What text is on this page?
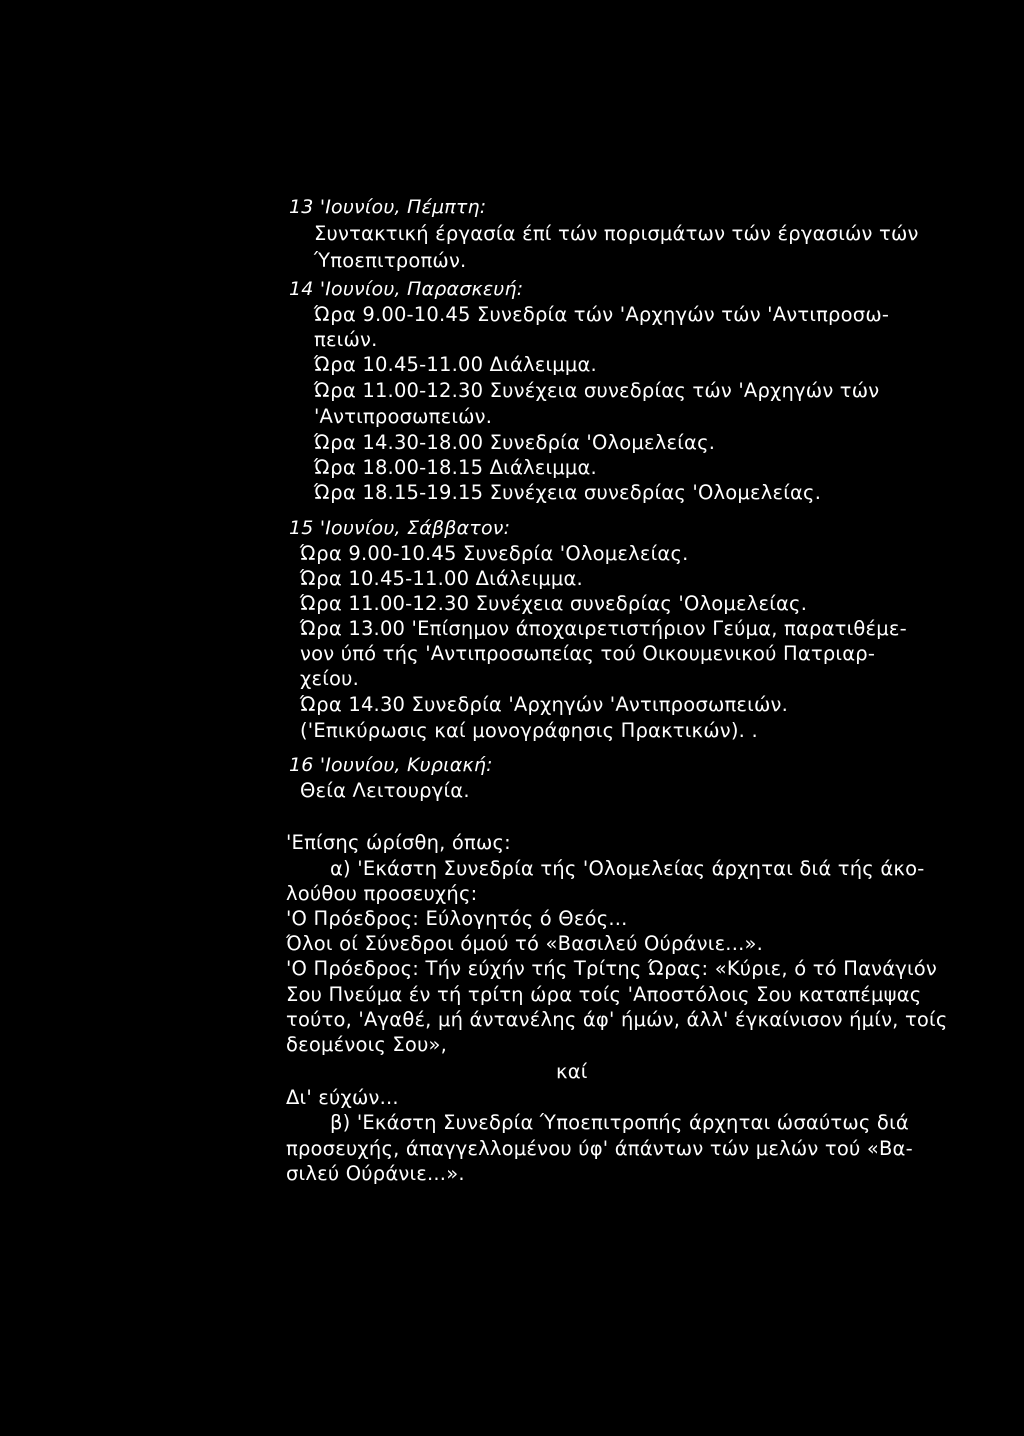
13 'Ιουνίου, Πέμπτη:
Συντακτική έργασία έπί τών πορισμάτων τών έργασιών τών
Ύποεπιτροπών.
14 'Ιουνίου, Παρασκευή:
Ώρα 9.00-10.45 Συνεδρία τών 'Αρχηγών τών 'Αντιπροσω-
πειών.
Ώρα 10.45-11.00 Διάλειμμα.
Ώρα 11.00-12.30 Συνέχεια συνεδρίας τών 'Αρχηγών τών
'Αντιπροσωπειών.
Ώρα 14.30-18.00 Συνεδρία 'Ολομελείας.
Ώρα 18.00-18.15 Διάλειμμα.
Ώρα 18.15-19.15 Συνέχεια συνεδρίας 'Ολομελείας.
15 'Ιουνίου, Σάββατον:
Ώρα 9.00-10.45 Συνεδρία 'Ολομελείας.
Ώρα 10.45-11.00 Διάλειμμα.
Ώρα 11.00-12.30 Συνέχεια συνεδρίας 'Ολομελείας.
Ώρα 13.00 'Επίσημον άποχαιρετιστήριον Γεύμα, παρατιθέμε-
νον ύπό τής 'Αντιπροσωπείας τού Οικουμενικού Πατριαρ-
χείου.
Ώρα 14.30 Συνεδρία 'Αρχηγών 'Αντιπροσωπειών.
('Επικύρωσις καί μονογράφησις Πρακτικών). .
16 'Ιουνίου, Κυριακή:
Θεία Λειτουργία.
'Επίσης ώρίσθη, όπως:
α) 'Εκάστη Συνεδρία τής 'Ολομελείας άρχηται διά τής άκο-
λούθου προσευχής:
'Ο Πρόεδρος: Εύλογητός ό Θεός...
Όλοι οί Σύνεδροι όμού τό «Βασιλεύ Ούράνιε...».
'Ο Πρόεδρος: Τήν εύχήν τής Τρίτης Ώρας: «Κύριε, ό τό Πανάγιόν
Σου Πνεύμα έν τή τρίτη ώρα τοίς 'Αποστόλοις Σου καταπέμψας
τούτο, 'Αγαθέ, μή άντανέλης άφ' ήμών, άλλ' έγκαίνισον ήμίν, τοίς
δεομένοις Σου»,
καί
Δι' εύχών...
β) 'Εκάστη Συνεδρία Ύποεπιτροπής άρχηται ώσαύτως διά
προσευχής, άπαγγελλομένου ύφ' άπάντων τών μελών τού «Βα-
σιλεύ Ούράνιε...».
